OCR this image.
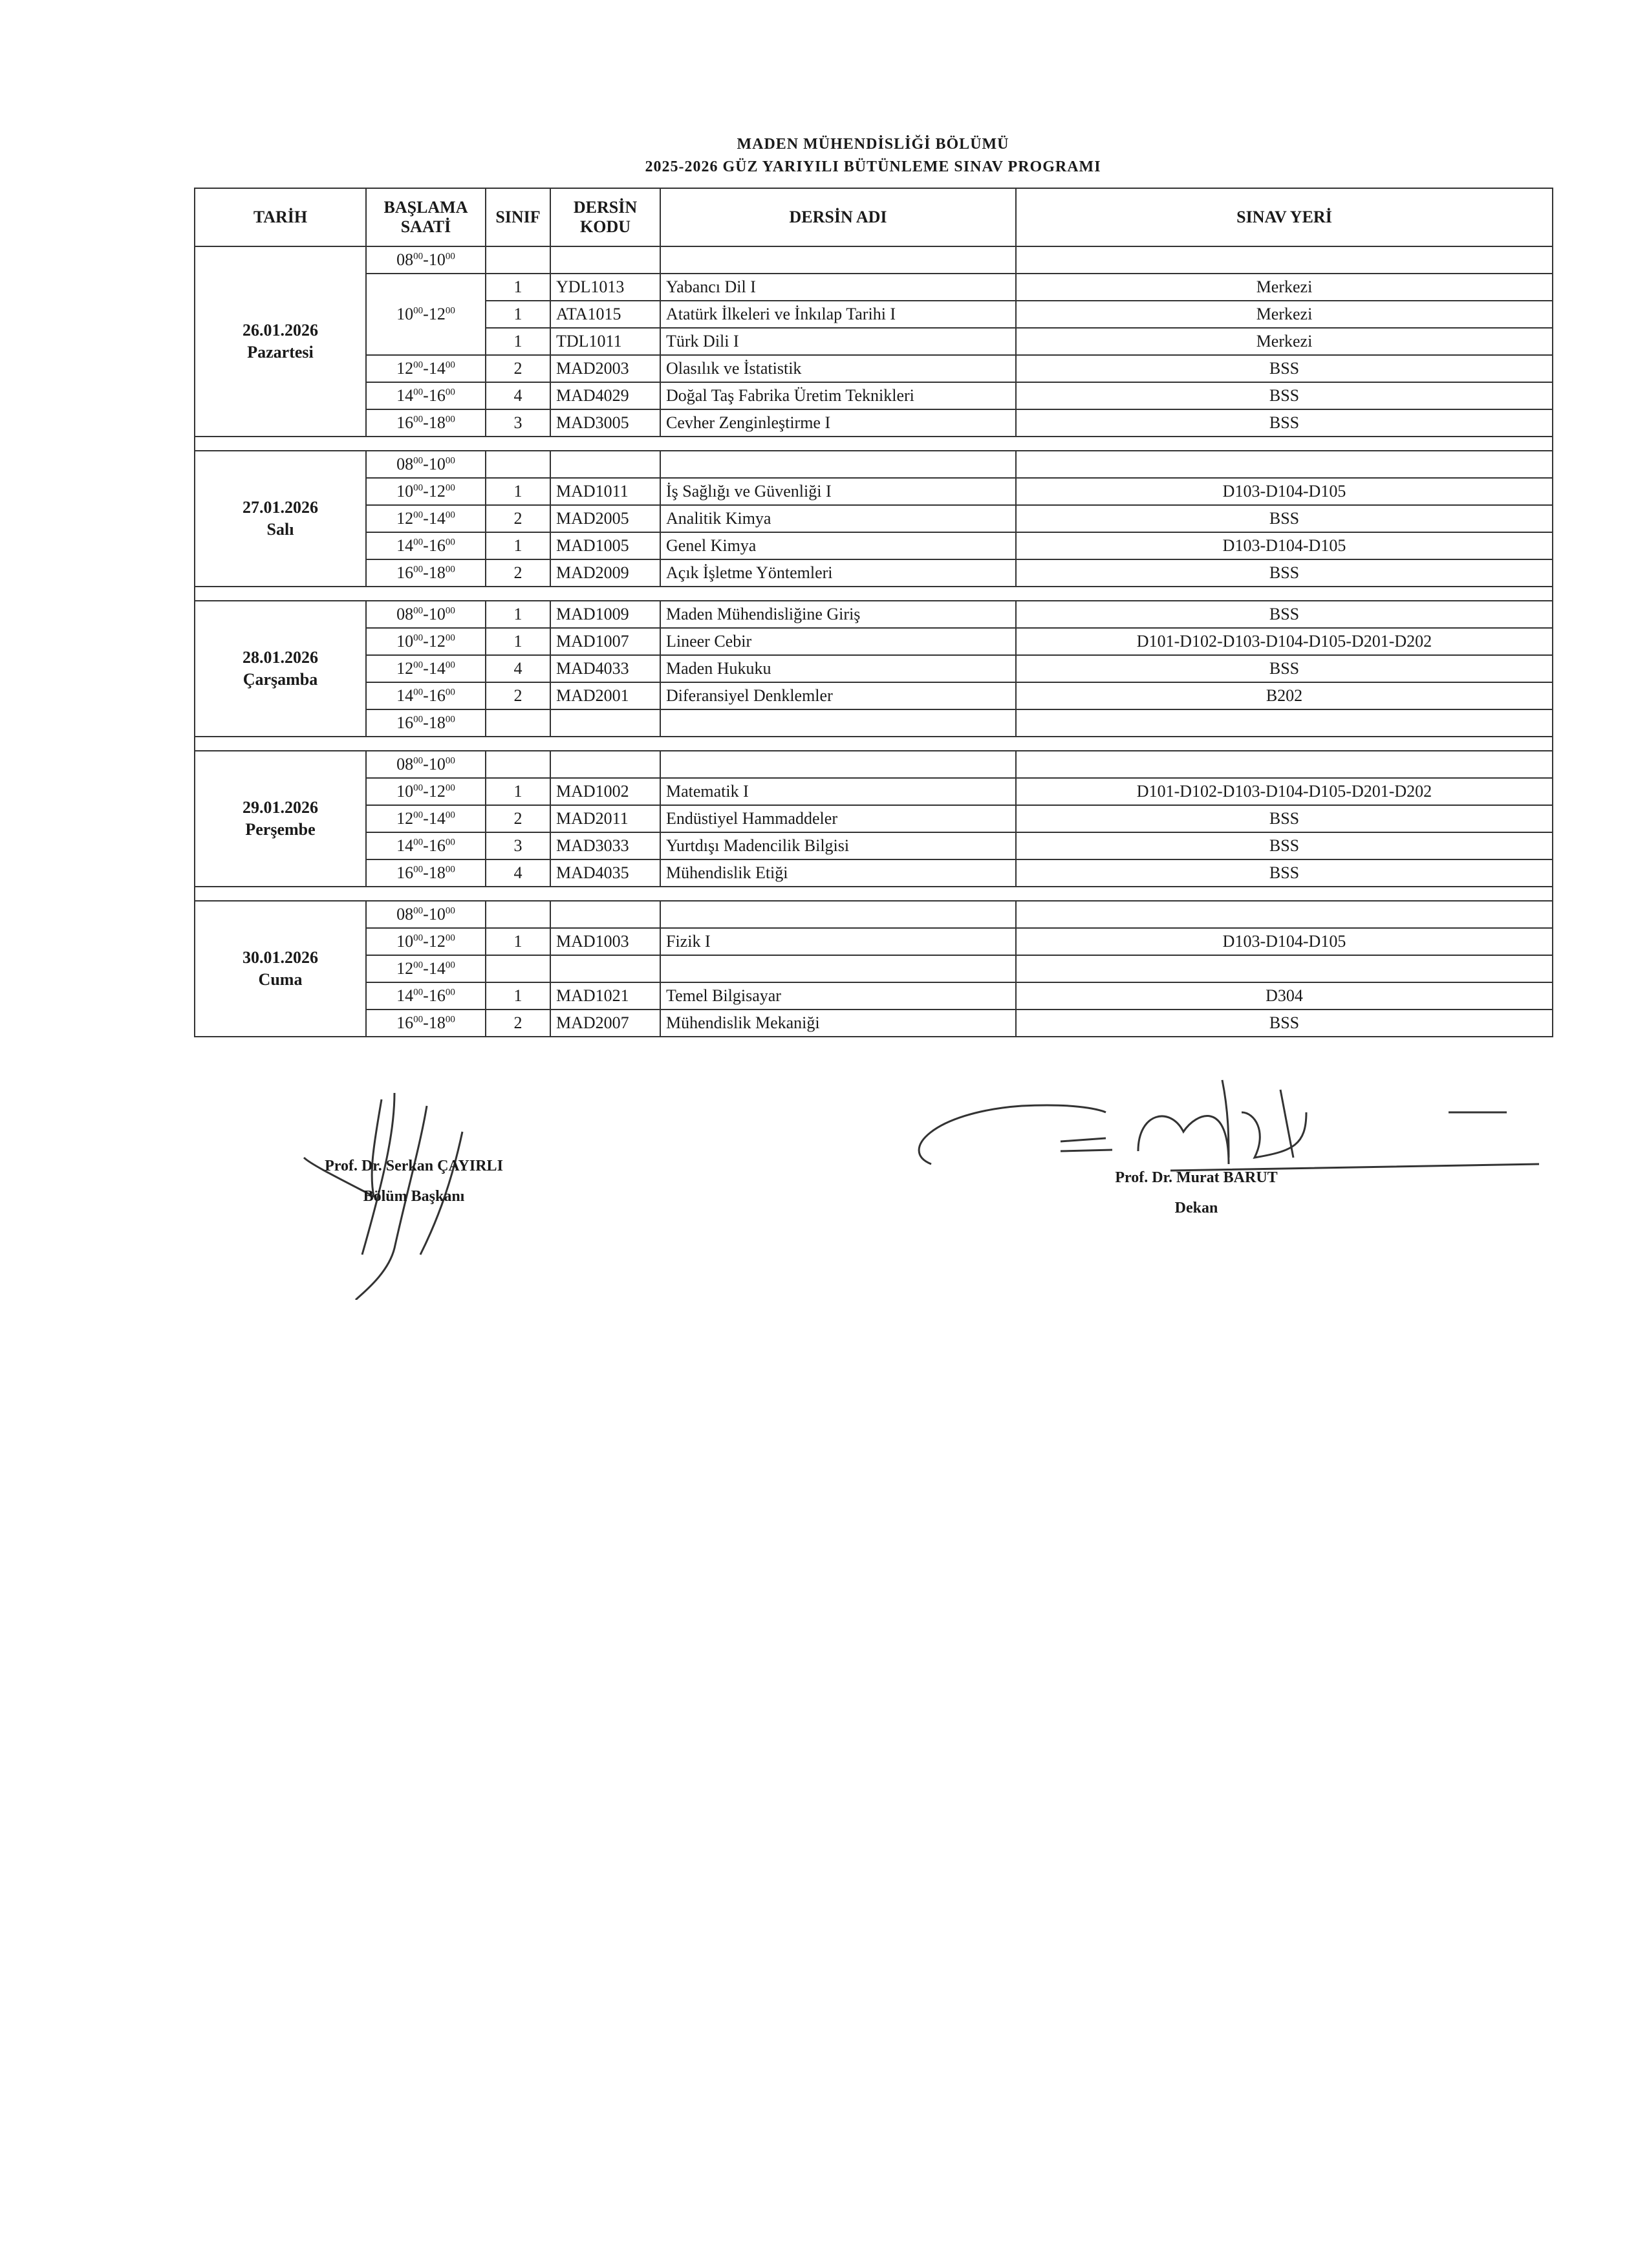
MADEN MÜHENDİSLİĞİ BÖLÜMÜ
2025-2026 GÜZ YARIYILI BÜTÜNLEME SINAV PROGRAMI
TARİH	BAŞLAMA SAATİ	SINIF	DERSİN KODU	DERSİN ADI	SINAV YERİ

26.01.2026
Pazartesi	$08^{00}-10^{00}$				
	$10^{00}-12^{00}$	1	YDL1013	Yabancı Dil I	Merkezi
		1	ATA1015	Atatürk İlkeleri ve İnkılap Tarihi I	Merkezi
		1	TDL1011	Türk Dili I	Merkezi
	$12^{00}-14^{00}$	2	MAD2003	Olasılık ve İstatistik	BSS
	$14^{00}-16^{00}$	4	MAD4029	Doğal Taş Fabrika Üretim Teknikleri	BSS
	$16^{00}-18^{00}$	3	MAD3005	Cevher Zenginleştirme I	BSS

27.01.2026
Salı	$08^{00}-10^{00}$				
	$10^{00}-12^{00}$	1	MAD1011	İş Sağlığı ve Güvenliği I	D103-D104-D105
	$12^{00}-14^{00}$	2	MAD2005	Analitik Kimya	BSS
	$14^{00}-16^{00}$	1	MAD1005	Genel Kimya	D103-D104-D105
	$16^{00}-18^{00}$	2	MAD2009	Açık İşletme Yöntemleri	BSS

28.01.2026
Çarşamba	$08^{00}-10^{00}$	1	MAD1009	Maden Mühendisliğine Giriş	BSS
	$10^{00}-12^{00}$	1	MAD1007	Lineer Cebir	D101-D102-D103-D104-D105-D201-D202
	$12^{00}-14^{00}$	4	MAD4033	Maden Hukuku	BSS
	$14^{00}-16^{00}$	2	MAD2001	Diferansiyel Denklemler	B202
	$16^{00}-18^{00}$				

29.01.2026
Perşembe	$08^{00}-10^{00}$				
	$10^{00}-12^{00}$	1	MAD1002	Matematik I	D101-D102-D103-D104-D105-D201-D202
	$12^{00}-14^{00}$	2	MAD2011	Endüstiyel Hammaddeler	BSS
	$14^{00}-16^{00}$	3	MAD3033	Yurtdışı Madencilik Bilgisi	BSS
	$16^{00}-18^{00}$	4	MAD4035	Mühendislik Etiği	BSS

30.01.2026
Cuma	$08^{00}-10^{00}$				
	$10^{00}-12^{00}$	1	MAD1003	Fizik I	D103-D104-D105
	$12^{00}-14^{00}$				
	$14^{00}-16^{00}$	1	MAD1021	Temel Bilgisayar	D304
	$16^{00}-18^{00}$	2	MAD2007	Mühendislik Mekaniği	BSS
Prof. Dr. Serkan ÇAYIRLI
Bölüm Başkanı
Prof. Dr. Murat BARUT
Dekan
